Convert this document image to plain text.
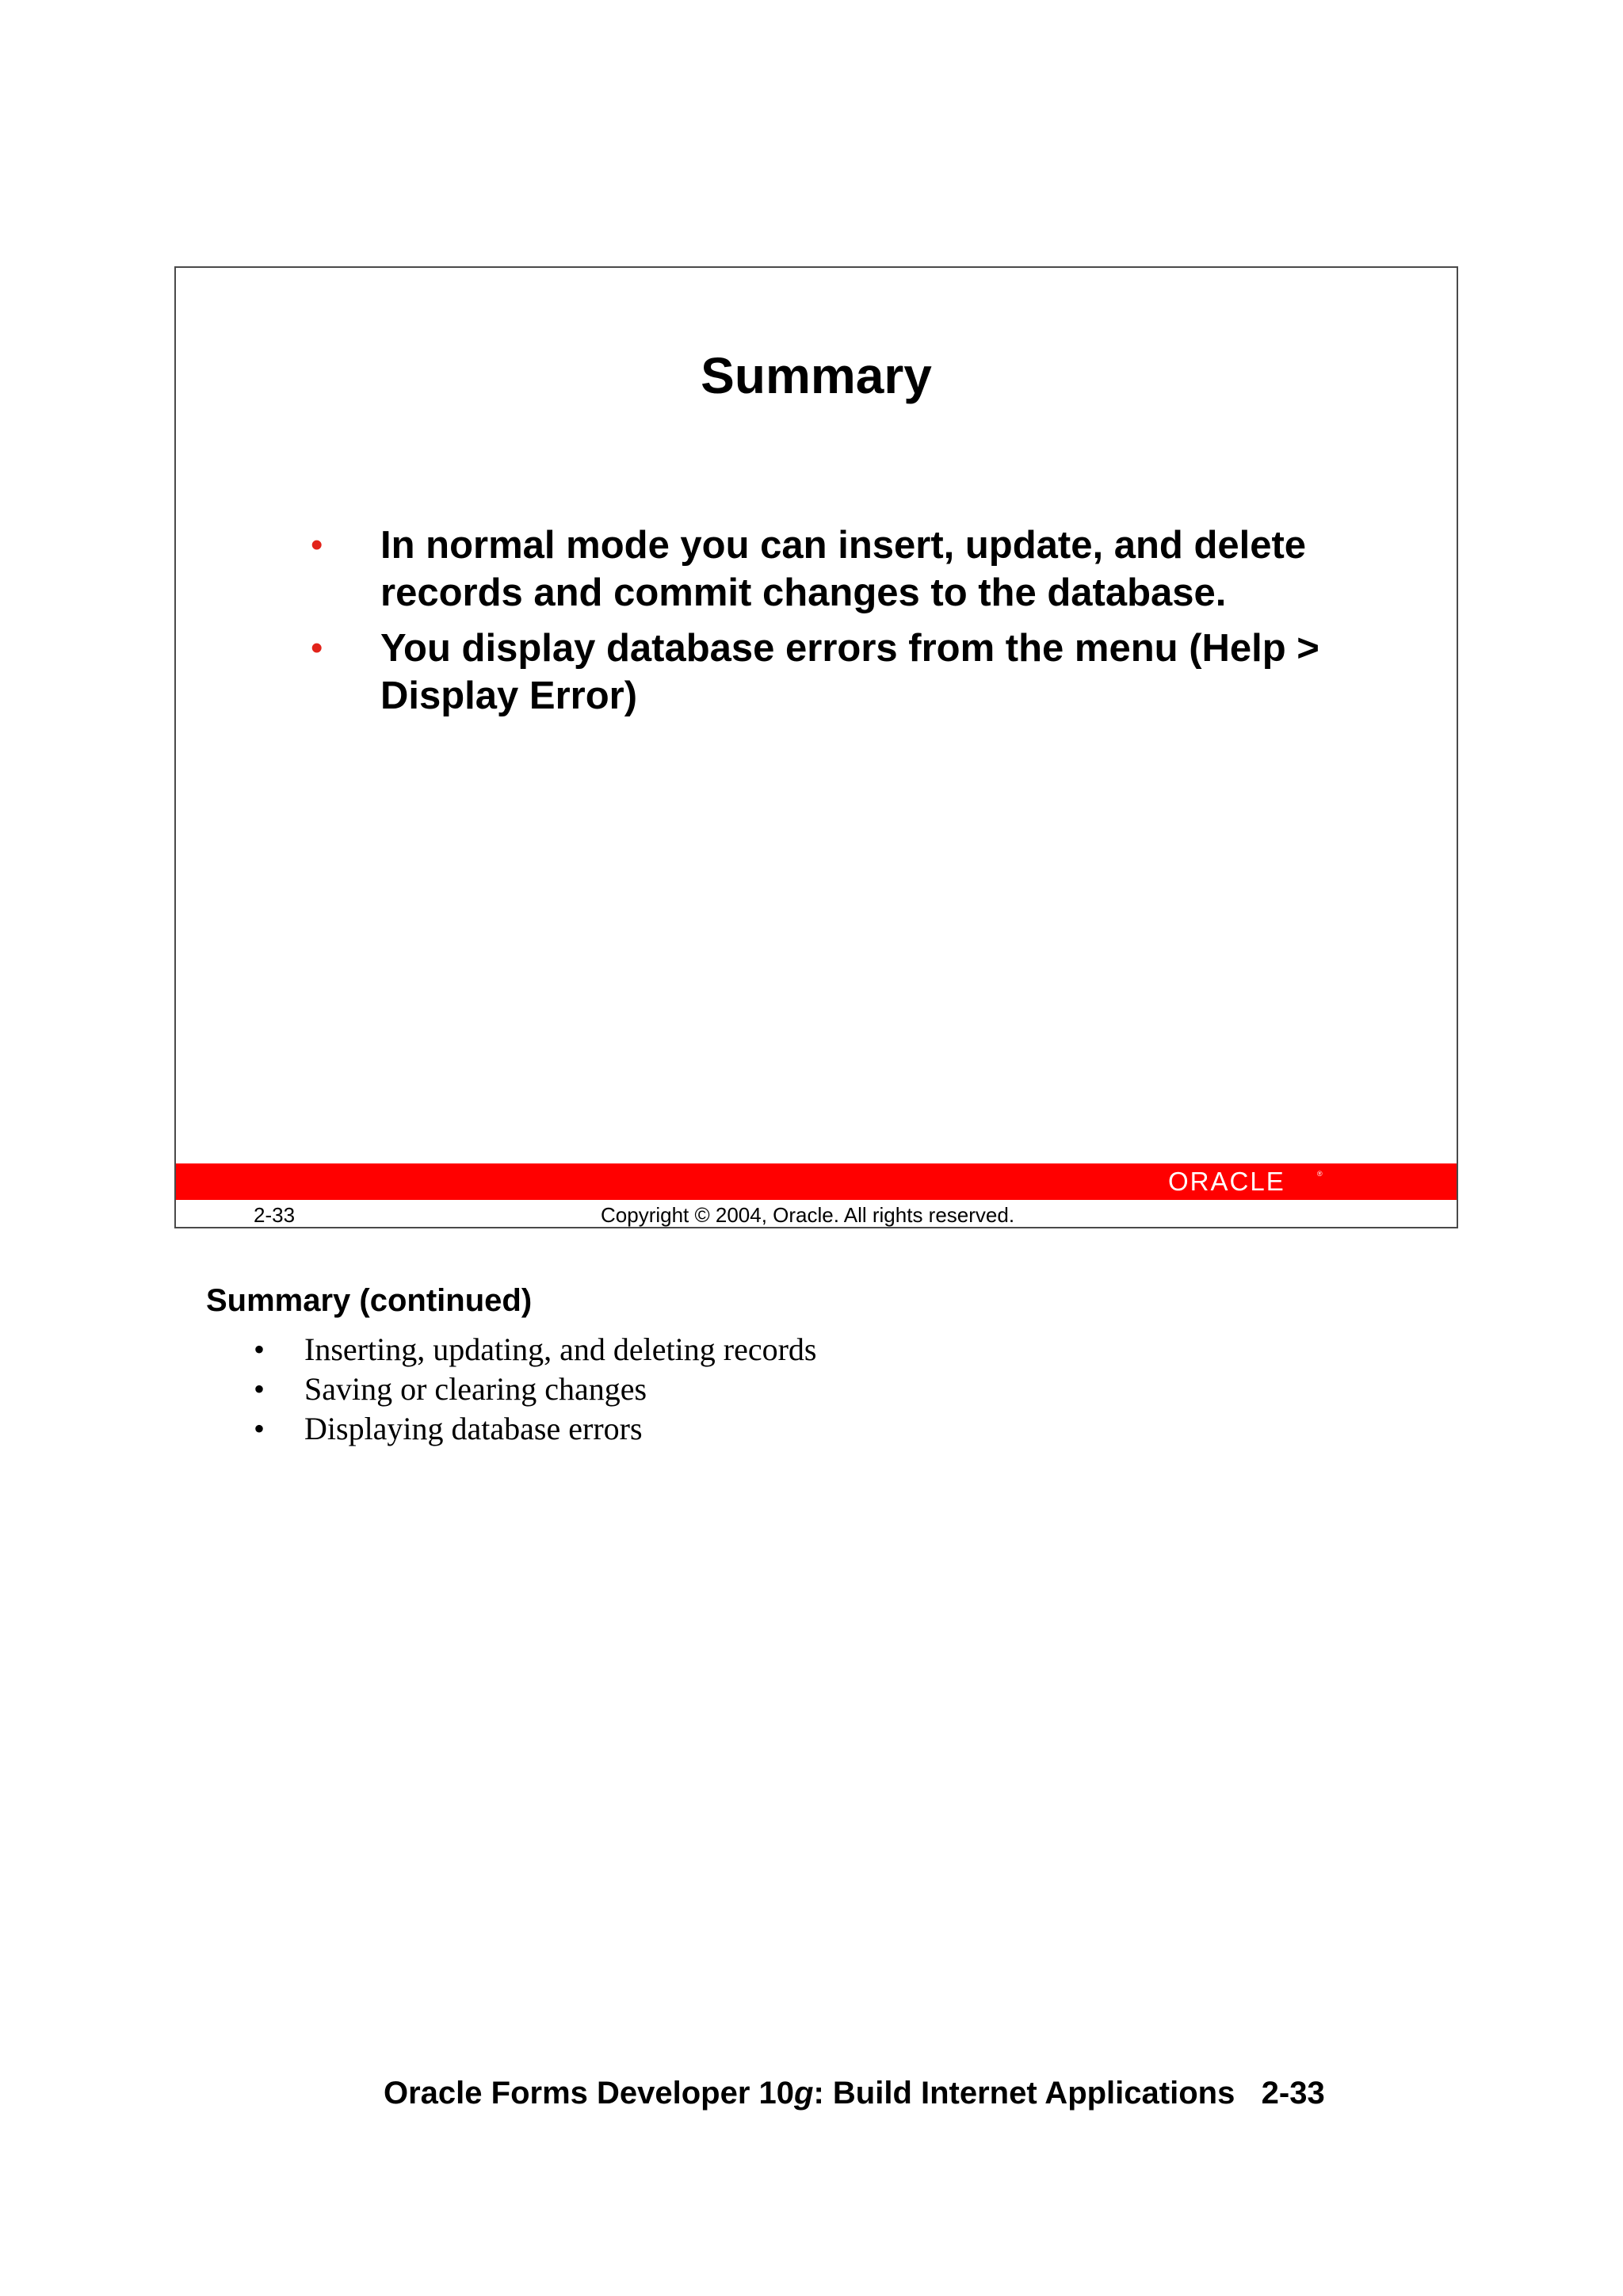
Summary
•	In normal mode you can insert, update, and delete records and commit changes to the database.
•	You display database errors from the menu (Help > Display Error)
ORACLE	®
2-33	Copyright © 2004, Oracle. All rights reserved.
Summary (continued)
• Inserting, updating, and deleting records
• Saving or clearing changes
• Displaying database errors
Oracle Forms Developer 10g: Build Internet Applications 2-33
